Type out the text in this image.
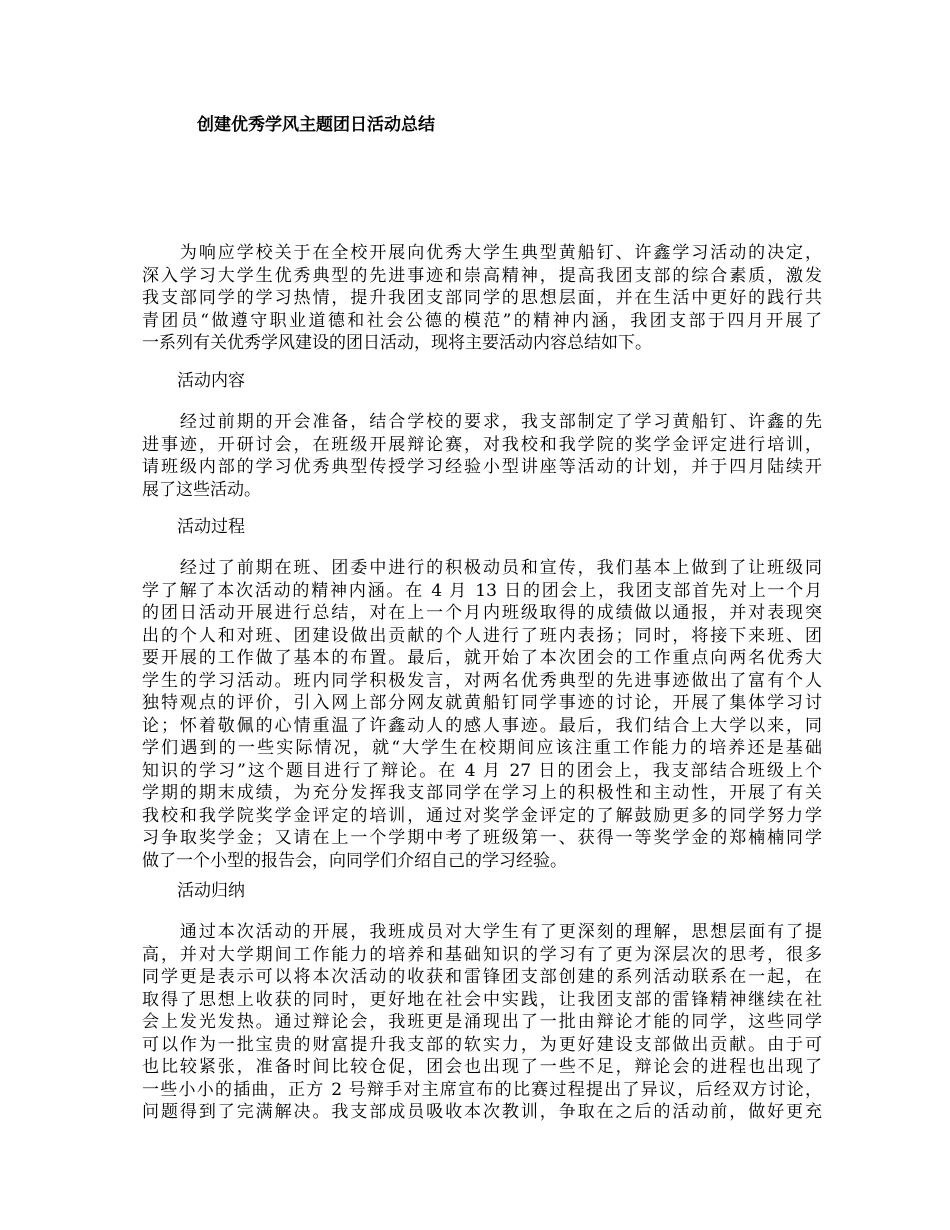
创建优秀学风主题团日活动总结
　　为响应学校关于在全校开展向优秀大学生典型黄船钉、许鑫学习活动的决定，
深入学习大学生优秀典型的先进事迹和崇高精神，提高我团支部的综合素质，激发
我支部同学的学习热情，提升我团支部同学的思想层面，并在生活中更好的践行共
青团员“做遵守职业道德和社会公德的模范”的精神内涵，我团支部于四月开展了
一系列有关优秀学风建设的团日活动，现将主要活动内容总结如下。
活动内容
　　经过前期的开会准备，结合学校的要求，我支部制定了学习黄船钉、许鑫的先
进事迹，开研讨会，在班级开展辩论赛，对我校和我学院的奖学金评定进行培训，
请班级内部的学习优秀典型传授学习经验小型讲座等活动的计划，并于四月陆续开
展了这些活动。
活动过程
　　经过了前期在班、团委中进行的积极动员和宣传，我们基本上做到了让班级同
学了解了本次活动的精神内涵。在 4 月 13 日的团会上，我团支部首先对上一个月
的团日活动开展进行总结，对在上一个月内班级取得的成绩做以通报，并对表现突
出的个人和对班、团建设做出贡献的个人进行了班内表扬；同时，将接下来班、团
要开展的工作做了基本的布置。最后，就开始了本次团会的工作重点向两名优秀大
学生的学习活动。班内同学积极发言，对两名优秀典型的先进事迹做出了富有个人
独特观点的评价，引入网上部分网友就黄船钉同学事迹的讨论，开展了集体学习讨
论；怀着敬佩的心情重温了许鑫动人的感人事迹。最后，我们结合上大学以来，同
学们遇到的一些实际情况，就“大学生在校期间应该注重工作能力的培养还是基础
知识的学习”这个题目进行了辩论。在 4 月 27 日的团会上，我支部结合班级上个
学期的期末成绩，为充分发挥我支部同学在学习上的积极性和主动性，开展了有关
我校和我学院奖学金评定的培训，通过对奖学金评定的了解鼓励更多的同学努力学
习争取奖学金；又请在上一个学期中考了班级第一、获得一等奖学金的郑楠楠同学
做了一个小型的报告会，向同学们介绍自己的学习经验。
活动归纳
　　通过本次活动的开展，我班成员对大学生有了更深刻的理解，思想层面有了提
高，并对大学期间工作能力的培养和基础知识的学习有了更为深层次的思考，很多
同学更是表示可以将本次活动的收获和雷锋团支部创建的系列活动联系在一起，在
取得了思想上收获的同时，更好地在社会中实践，让我团支部的雷锋精神继续在社
会上发光发热。通过辩论会，我班更是涌现出了一批由辩论才能的同学，这些同学
可以作为一批宝贵的财富提升我支部的软实力，为更好建设支部做出贡献。由于可
也比较紧张，准备时间比较仓促，团会也出现了一些不足，辩论会的进程也出现了
一些小小的插曲，正方 2 号辩手对主席宣布的比赛过程提出了异议，后经双方讨论，
问题得到了完满解决。我支部成员吸收本次教训，争取在之后的活动前，做好更充
